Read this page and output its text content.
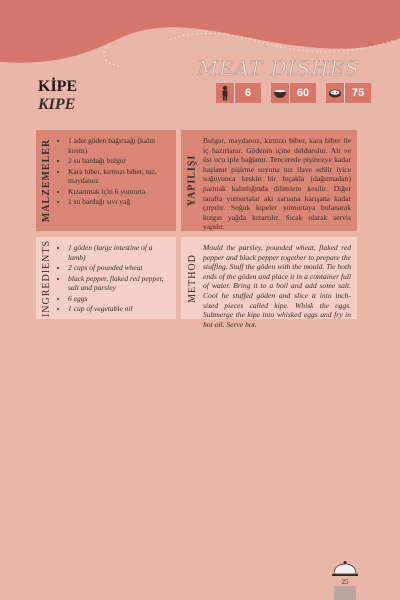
MEAT DISHES
6	60	75
KİPE
KIPE
MALZEMELER • 1 adet göden bağırsağı (kalın kısım)
• 2 su bardağı bulgur
• Kara biber, kırmızı biber, tuz, maydanoz
• Kızartmak için 6 yumurta
• 1 su bardağı sıvı yağ	YAPILIŞI
Bulgur, maydanoz, kırmızı biber, kara biber ile iç hazırlanır. Gödenin içine doldurulur. Alt ve üst ucu iple bağlanır. Tencerede pişinceye kadar haşlanır pişirme suyuna tuz ilave edilir iyice soğuyunca keskin bir bıçakla (dağıtmadan) parmak kalınlığında dilimlere kesilir. Diğer tarafta yumurtalar akı sarısına karışana kadar çırpılır. Soğuk kipeler yumurtaya bulanarak kızgın yağda kızartılır. Sıcak olarak servis yapılır.
INGREDIENTS • 1 göden (large intestine of a lamb)
• 2 cups of pounded wheat
• black pepper, flaked red pepper, salt and parsley
• 6 eggs
• 1 cup of vegetable oil
METHOD
Mould the parsley, pounded wheat, flaked red pepper and black pepper together to prepare the stuffing. Stuff the göden with the mould. Tie both ends of the göden and place it in a container full of water. Bring it to a boil and add some salt. Cool he stuffed göden and slice it into inch-sized pieces called kipe. Whisk the eggs. Submerge the kipe into whisked eggs and fry in hot oil. Serve hot.
25
